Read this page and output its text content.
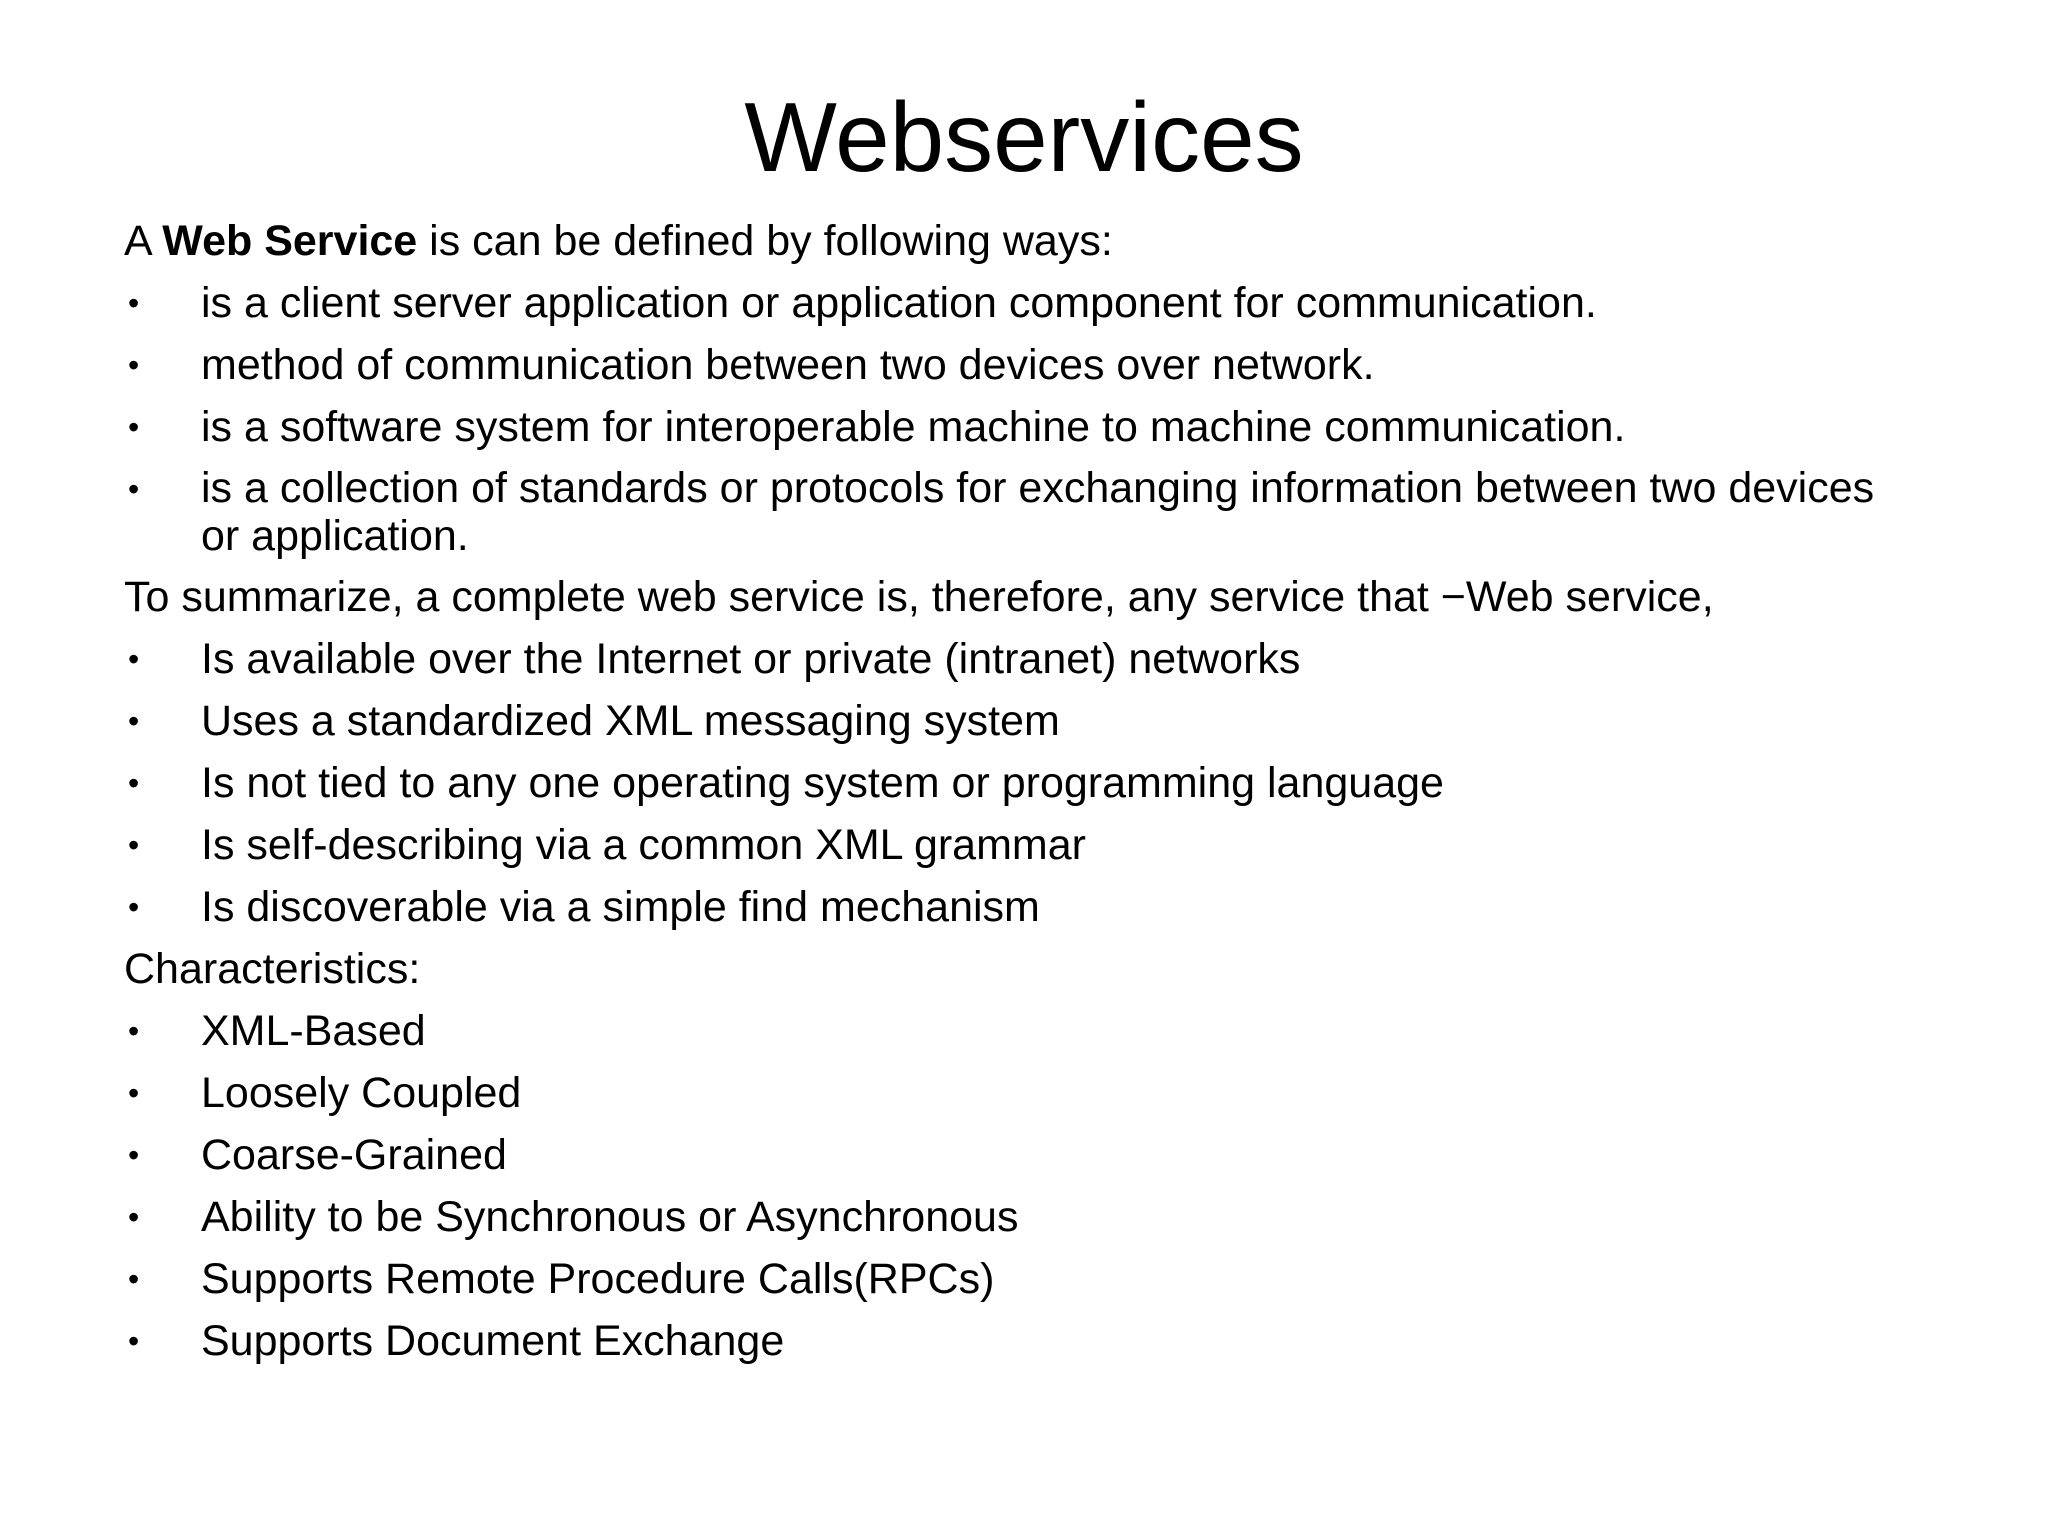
Webservices

A Web Service is can be defined by following ways:

• is a client server application or application component for communication.
• method of communication between two devices over network.
• is a software system for interoperable machine to machine communication.
• is a collection of standards or protocols for exchanging information between two devices or application.

To summarize, a complete web service is, therefore, any service that −Web service,

• Is available over the Internet or private (intranet) networks
• Uses a standardized XML messaging system
• Is not tied to any one operating system or programming language
• Is self-describing via a common XML grammar
• Is discoverable via a simple find mechanism

Characteristics:

• XML-Based
• Loosely Coupled
• Coarse-Grained
• Ability to be Synchronous or Asynchronous
• Supports Remote Procedure Calls(RPCs)
• Supports Document Exchange
